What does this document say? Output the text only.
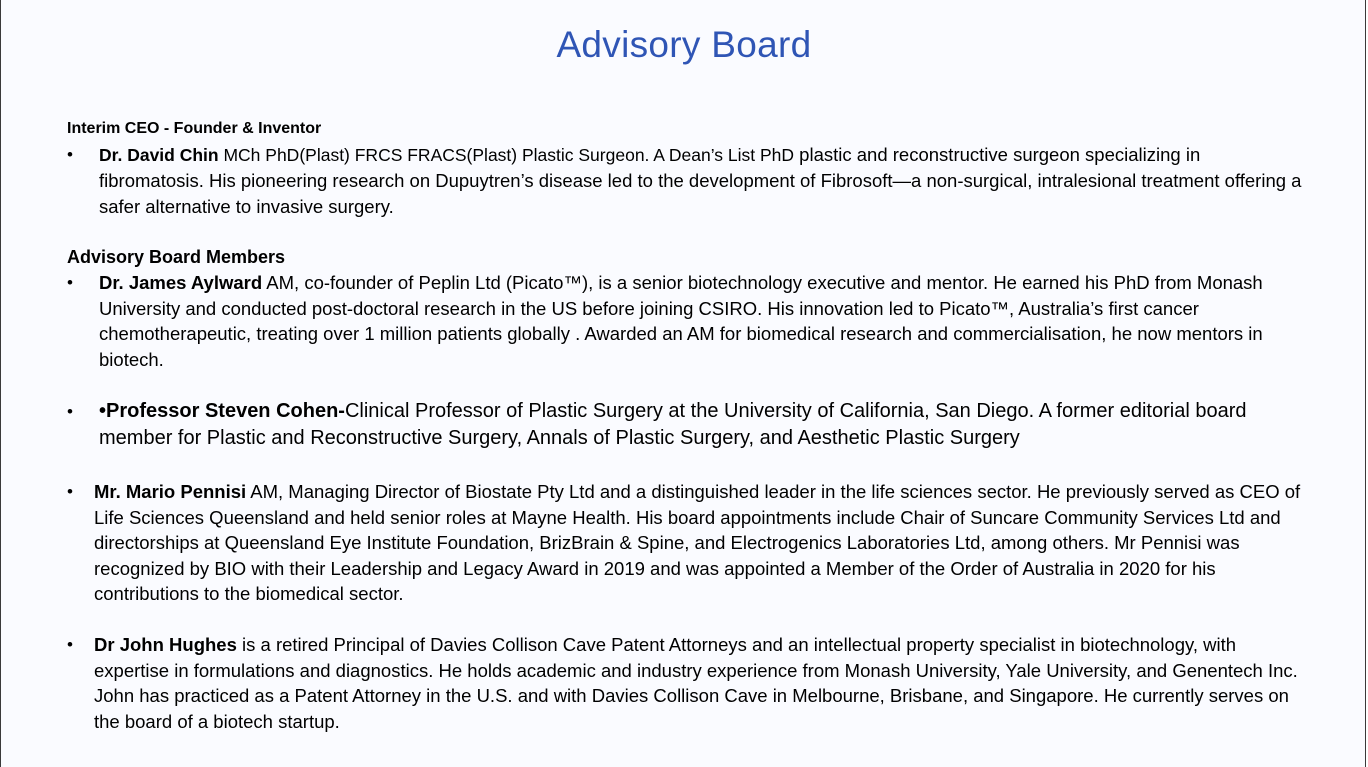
Advisory Board
Interim CEO - Founder & Inventor
•	Dr. David Chin MCh PhD(Plast) FRCS FRACS(Plast) Plastic Surgeon. A Dean’s List PhD plastic and reconstructive surgeon specializing in fibromatosis. His pioneering research on Dupuytren’s disease led to the development of Fibrosoft—a non-surgical, intralesional treatment offering a safer alternative to invasive surgery.
Advisory Board Members
•	Dr. James Aylward AM, co-founder of Peplin Ltd (Picato™), is a senior biotechnology executive and mentor. He earned his PhD from Monash University and conducted post-doctoral research in the US before joining CSIRO. His innovation led to Picato™, Australia’s first cancer chemotherapeutic, treating over 1 million patients globally . Awarded an AM for biomedical research and commercialisation, he now mentors in biotech.
•	•Professor Steven Cohen-Clinical Professor of Plastic Surgery at the University of California, San Diego. A former editorial board member for Plastic and Reconstructive Surgery, Annals of Plastic Surgery, and Aesthetic Plastic Surgery
•	Mr. Mario Pennisi AM, Managing Director of Biostate Pty Ltd and a distinguished leader in the life sciences sector. He previously served as CEO of Life Sciences Queensland and held senior roles at Mayne Health. His board appointments include Chair of Suncare Community Services Ltd and directorships at Queensland Eye Institute Foundation, BrizBrain & Spine, and Electrogenics Laboratories Ltd, among others. Mr Pennisi was recognized by BIO with their Leadership and Legacy Award in 2019 and was appointed a Member of the Order of Australia in 2020 for his contributions to the biomedical sector.
•	Dr John Hughes is a retired Principal of Davies Collison Cave Patent Attorneys and an intellectual property specialist in biotechnology, with expertise in formulations and diagnostics. He holds academic and industry experience from Monash University, Yale University, and Genentech Inc. John has practiced as a Patent Attorney in the U.S. and with Davies Collison Cave in Melbourne, Brisbane, and Singapore. He currently serves on the board of a biotech startup.
